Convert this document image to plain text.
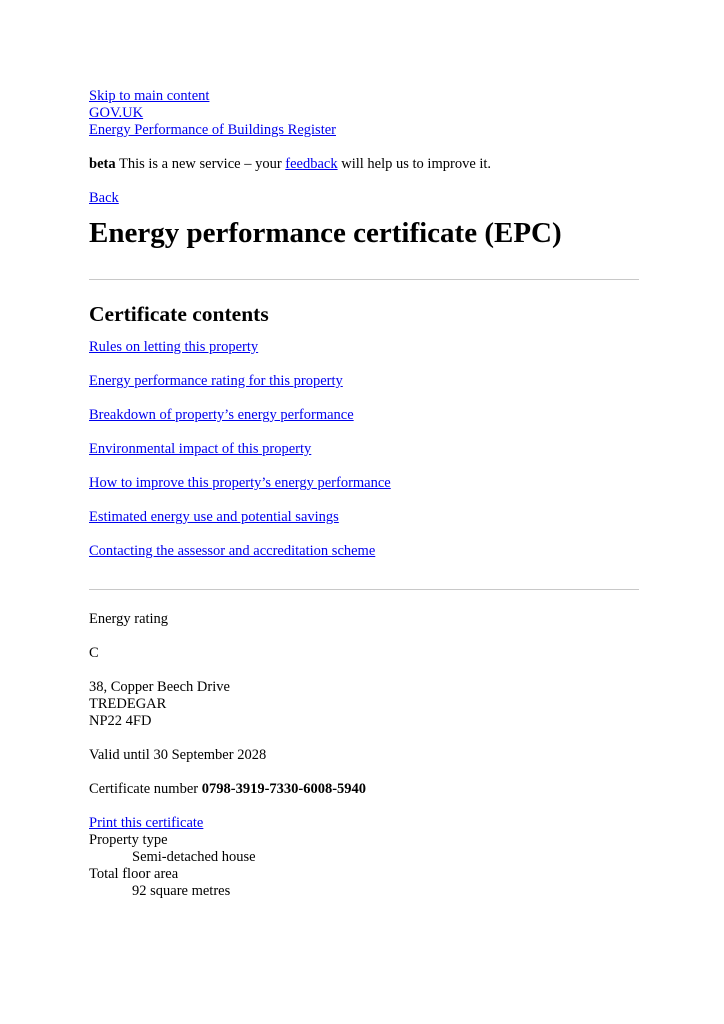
Skip to main content
GOV.UK
Energy Performance of Buildings Register

beta This is a new service – your feedback will help us to improve it.

Back

Energy performance certificate (EPC)
Certificate contents
Rules on letting this property
Energy performance rating for this property
Breakdown of property’s energy performance
Environmental impact of this property
How to improve this property’s energy performance
Estimated energy use and potential savings
Contacting the assessor and accreditation scheme

Energy rating

C

38, Copper Beech Drive
TREDEGAR
NP22 4FD

Valid until 30 September 2028

Certificate number 0798-3919-7330-6008-5940

Print this certificate
Property type
Semi-detached house
Total floor area
92 square metres
